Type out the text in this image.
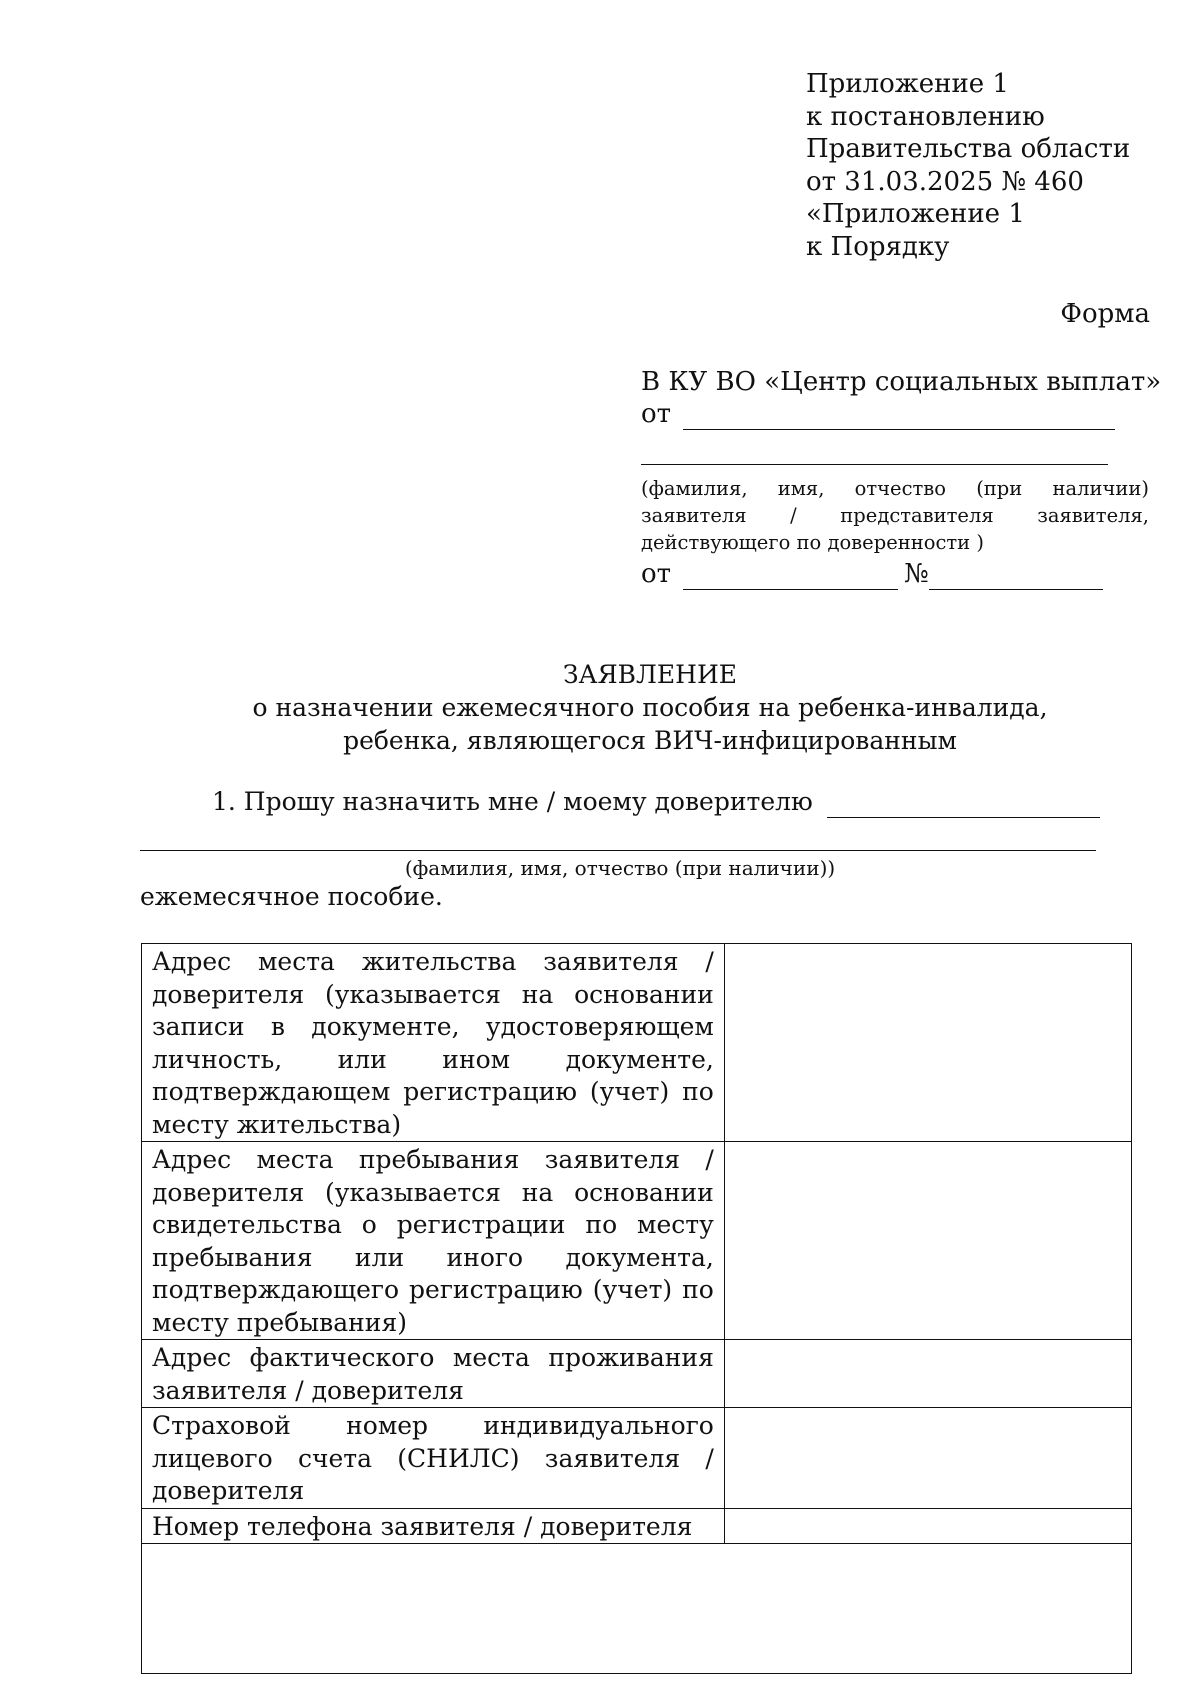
Приложение 1
к постановлению
Правительства области
от 31.03.2025 № 460
«Приложение 1
к Порядку
Форма
В КУ ВО «Центр социальных выплат»
от
(фамилия, имя, отчество (при наличии) заявителя / представителя заявителя, действующего по доверенности )
от	№
ЗАЯВЛЕНИЕ
о назначении ежемесячного пособия на ребенка-инвалида,
ребенка, являющегося ВИЧ-инфицированным
1. Прошу назначить мне / моему доверителю
(фамилия, имя, отчество (при наличии))
ежемесячное пособие.
Адрес места жительства заявителя / доверителя (указывается на основании записи в документе, удостоверяющем личность, или ином документе, подтверждающем регистрацию (учет) по месту жительства)	
Адрес места пребывания заявителя / доверителя (указывается на основании свидетельства о регистрации по месту пребывания или иного документа, подтверждающего регистрацию (учет) по месту пребывания)	
Адрес фактического места проживания заявителя / доверителя	
Страховой номер индивидуального лицевого счета (СНИЛС) заявителя / доверителя	
Номер телефона заявителя / доверителя	
